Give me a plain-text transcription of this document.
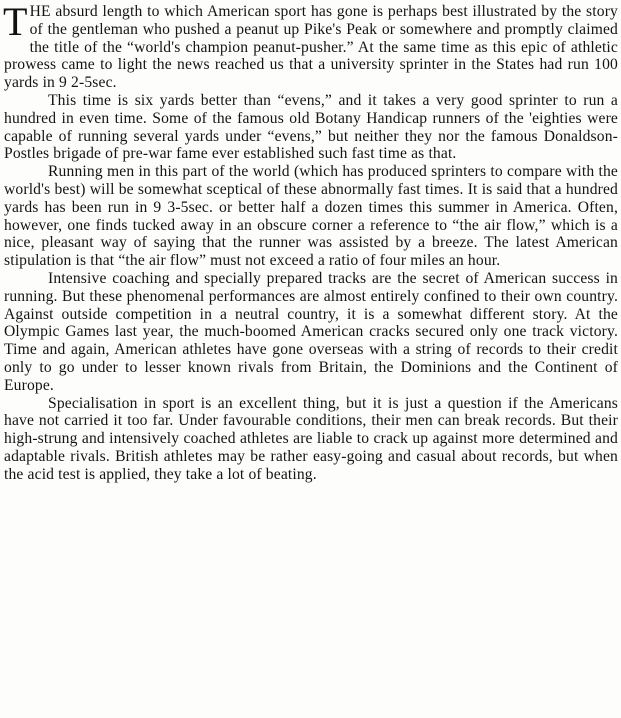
THE absurd length to which American sport has gone is perhaps best illustrated by the story of the gentleman who pushed a peanut up Pike's Peak or somewhere and promptly claimed the title of the “world's champion peanut-pusher.” At the same time as this epic of athletic prowess came to light the news reached us that a university sprinter in the States had run 100 yards in 9 2-5sec.

This time is six yards better than “evens,” and it takes a very good sprinter to run a hundred in even time. Some of the famous old Botany Handicap runners of the 'eighties were capable of running several yards under “evens,” but neither they nor the famous Donaldson-Postles brigade of pre-war fame ever established such fast time as that.

Running men in this part of the world (which has produced sprinters to compare with the world's best) will be somewhat sceptical of these abnormally fast times. It is said that a hundred yards has been run in 9 3-5sec. or better half a dozen times this summer in America. Often, however, one finds tucked away in an obscure corner a reference to “the air flow,” which is a nice, pleasant way of saying that the runner was assisted by a breeze. The latest American stipulation is that “the air flow” must not exceed a ratio of four miles an hour.

Intensive coaching and specially prepared tracks are the secret of American success in running. But these phenomenal performances are almost entirely confined to their own country. Against outside competition in a neutral country, it is a somewhat different story. At the Olympic Games last year, the much-boomed American cracks secured only one track victory. Time and again, American athletes have gone overseas with a string of records to their credit only to go under to lesser known rivals from Britain, the Dominions and the Continent of Europe.

Specialisation in sport is an excellent thing, but it is just a question if the Americans have not carried it too far. Under favourable conditions, their men can break records. But their high-strung and intensively coached athletes are liable to crack up against more determined and adaptable rivals. British athletes may be rather easy-going and casual about records, but when the acid test is applied, they take a lot of beating.
